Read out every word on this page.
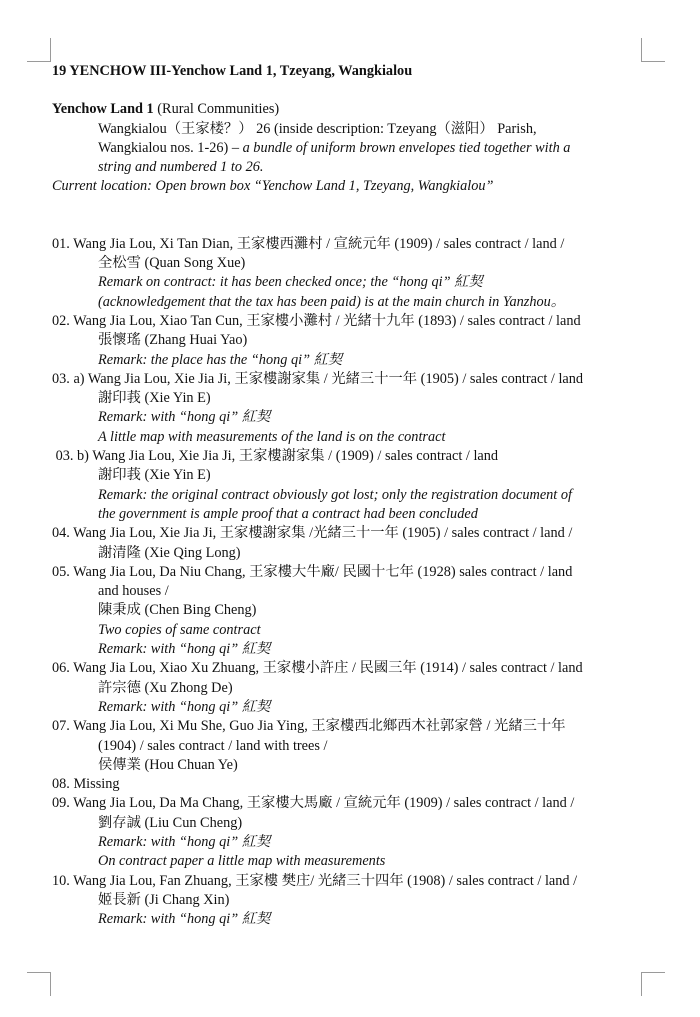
19 YENCHOW III-Yenchow Land 1, Tzeyang, Wangkialou

Yenchow Land 1 (Rural Communities)
Wangkialou（王家楼？） 26 (inside description: Tzeyang（滋阳） Parish,
Wangkialou nos. 1-26) – a bundle of uniform brown envelopes tied together with a
string and numbered 1 to 26.
Current location: Open brown box “Yenchow Land 1, Tzeyang, Wangkialou”
01. Wang Jia Lou, Xi Tan Dian, 王家樓西灘村 / 宣統元年 (1909) / sales contract / land /
全松雪 (Quan Song Xue)
Remark on contract: it has been checked once; the “hong qi” 紅契
(acknowledgement that the tax has been paid) is at the main church in Yanzhou。
02. Wang Jia Lou, Xiao Tan Cun, 王家樓小灘村 / 光緒十九年 (1893) / sales contract / land
張懷瑤 (Zhang Huai Yao)
Remark: the place has the “hong qi” 紅契
03. a) Wang Jia Lou, Xie Jia Ji, 王家樓謝家集 / 光緒三十一年 (1905) / sales contract / land
謝印莪 (Xie Yin E)
Remark: with “hong qi” 紅契
A little map with measurements of the land is on the contract
03. b) Wang Jia Lou, Xie Jia Ji, 王家樓謝家集 / (1909) / sales contract / land
謝印莪 (Xie Yin E)
Remark: the original contract obviously got lost; only the registration document of
the government is ample proof that a contract had been concluded
04. Wang Jia Lou, Xie Jia Ji, 王家樓謝家集 /光緒三十一年 (1905) / sales contract / land /
謝清隆 (Xie Qing Long)
05. Wang Jia Lou, Da Niu Chang, 王家樓大牛廠/ 民國十七年 (1928) sales contract / land
and houses /
陳秉成 (Chen Bing Cheng)
Two copies of same contract
Remark: with “hong qi” 紅契
06. Wang Jia Lou, Xiao Xu Zhuang, 王家樓小許庄 / 民國三年 (1914) / sales contract / land
許宗德 (Xu Zhong De)
Remark: with “hong qi” 紅契
07. Wang Jia Lou, Xi Mu She, Guo Jia Ying, 王家樓西北鄉西木社郭家營 / 光緒三十年
(1904) / sales contract / land with trees /
侯傳業 (Hou Chuan Ye)
08. Missing
09. Wang Jia Lou, Da Ma Chang, 王家樓大馬廠 / 宣統元年 (1909) / sales contract / land /
劉存誠 (Liu Cun Cheng)
Remark: with “hong qi” 紅契
On contract paper a little map with measurements
10. Wang Jia Lou, Fan Zhuang, 王家樓 樊庄/ 光緒三十四年 (1908) / sales contract / land /
姬長新 (Ji Chang Xin)
Remark: with “hong qi” 紅契
